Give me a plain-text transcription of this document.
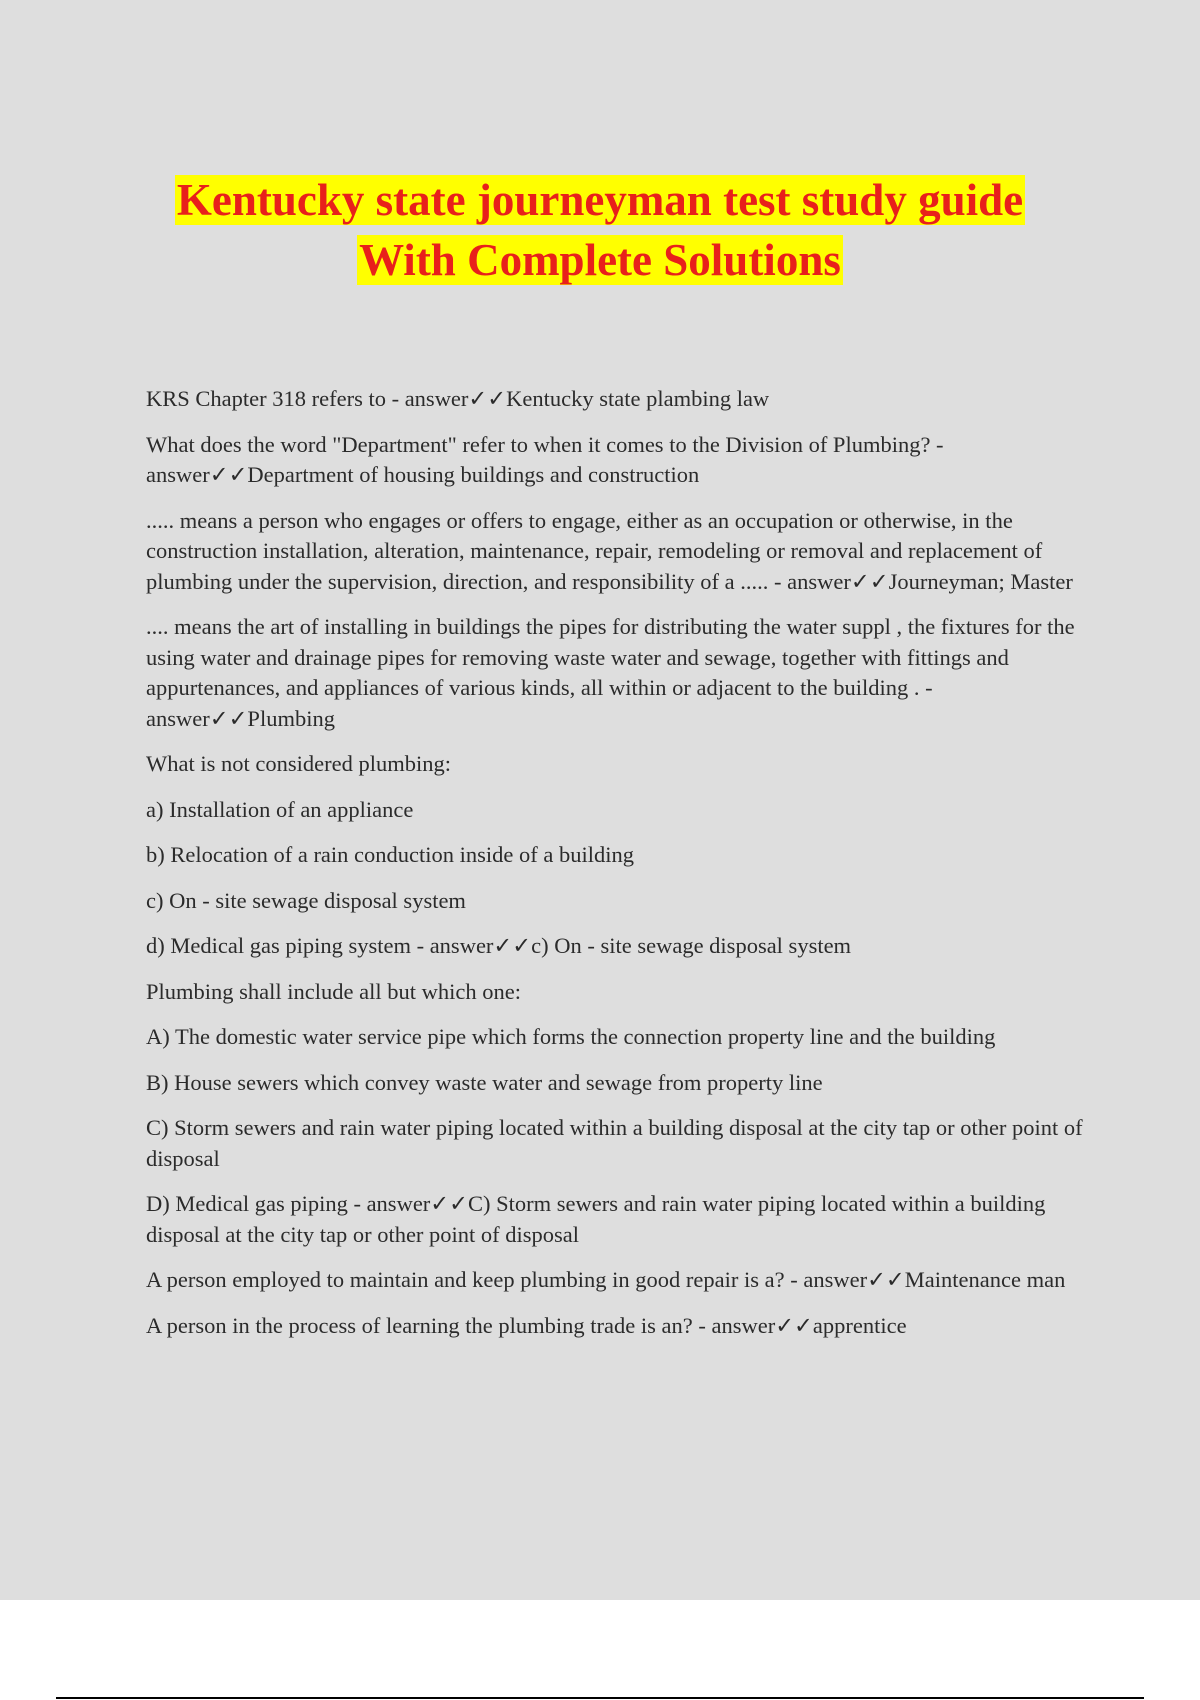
Kentucky state journeyman test study guide
With Complete Solutions

KRS Chapter 318 refers to - answer✓✓Kentucky state plambing law

What does the word "Department" refer to when it comes to the Division of Plumbing? - answer✓✓Department of housing buildings and construction

..... means a person who engages or offers to engage, either as an occupation or otherwise, in the construction installation, alteration, maintenance, repair, remodeling or removal and replacement of plumbing under the supervision, direction, and responsibility of a ..... - answer✓✓Journeyman; Master

.... means the art of installing in buildings the pipes for distributing the water suppl , the fixtures for the using water and drainage pipes for removing waste water and sewage, together with fittings and appurtenances, and appliances of various kinds, all within or adjacent to the building . - answer✓✓Plumbing

What is not considered plumbing:

a) Installation of an appliance

b) Relocation of a rain conduction inside of a building

c) On - site sewage disposal system

d) Medical gas piping system - answer✓✓c) On - site sewage disposal system

Plumbing shall include all but which one:

A) The domestic water service pipe which forms the connection property line and the building

B) House sewers which convey waste water and sewage from property line

C) Storm sewers and rain water piping located within a building disposal at the city tap or other point of disposal

D) Medical gas piping - answer✓✓C) Storm sewers and rain water piping located within a building disposal at the city tap or other point of disposal

A person employed to maintain and keep plumbing in good repair is a? - answer✓✓Maintenance man

A person in the process of learning the plumbing trade is an? - answer✓✓apprentice
